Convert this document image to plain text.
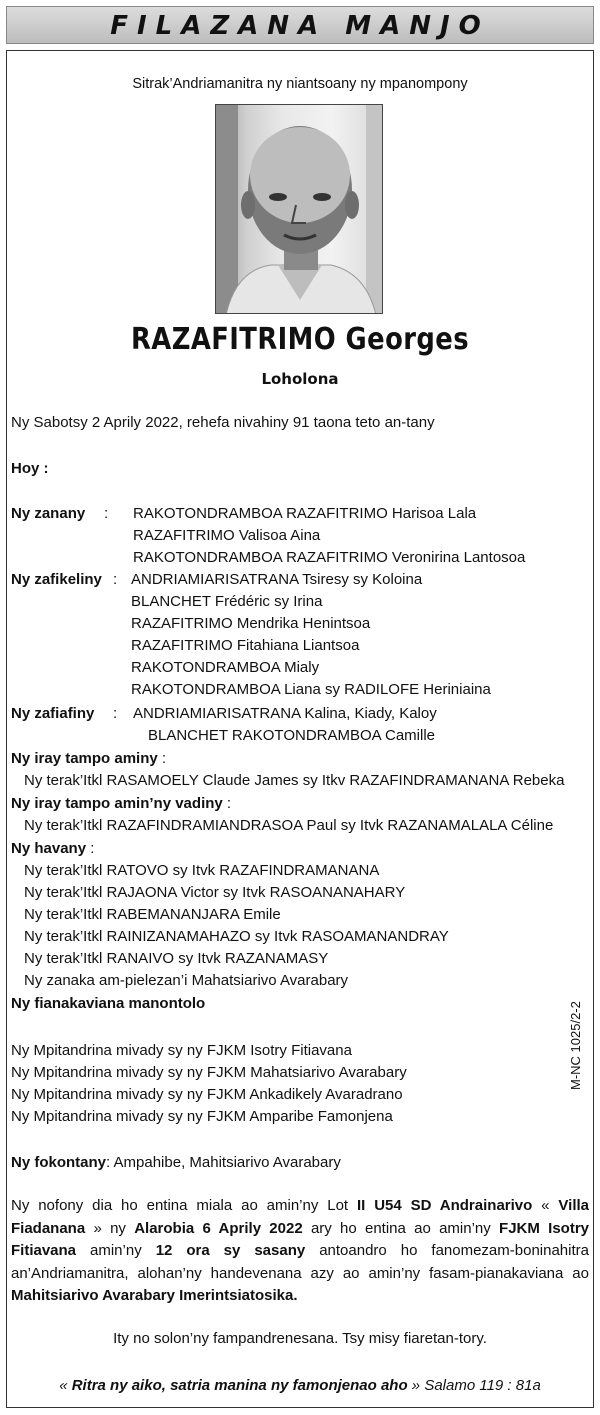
FILAZANA MANJO
Sitrak’Andriamanitra ny niantsoany ny mpanompony
RAZAFITRIMO Georges
Loholona
Ny Sabotsy 2 Aprily 2022, rehefa nivahiny 91 taona teto an-tany
Hoy :
Ny zanany : RAKOTONDRAMBOA RAZAFITRIMO Harisoa Lala
RAZAFITRIMO Valisoa Aina
RAKOTONDRAMBOA RAZAFITRIMO Veronirina Lantosoa
Ny zafikeliny : ANDRIAMIARISATRANA Tsiresy sy Koloina
BLANCHET Frédéric sy Irina
RAZAFITRIMO Mendrika Henintsoa
RAZAFITRIMO Fitahiana Liantsoa
RAKOTONDRAMBOA Mialy
RAKOTONDRAMBOA Liana sy RADILOFE Heriniaina
Ny zafiafiny : ANDRIAMIARISATRANA Kalina, Kiady, Kaloy
BLANCHET RAKOTONDRAMBOA Camille
Ny iray tampo aminy :
Ny terak’Itkl RASAMOELY Claude James sy Itkv RAZAFINDRAMANANA Rebeka
Ny iray tampo amin’ny vadiny :
Ny terak’Itkl RAZAFINDRAMIANDRASOA Paul sy Itvk RAZANAMALALA Céline
Ny havany :
Ny terak’Itkl RATOVO sy Itvk RAZAFINDRAMANANA
Ny terak’Itkl RAJAONA Victor sy Itvk RASOANANAHARY
Ny terak’Itkl RABEMANANJARA Emile
Ny terak’Itkl RAINIZANAMAHAZO sy Itvk RASOAMANANDRAY
Ny terak’Itkl RANAIVO sy Itvk RAZANAMASY
Ny zanaka am-pielezan’i Mahatsiarivo Avarabary
Ny fianakaviana manontolo
Ny Mpitandrina mivady sy ny FJKM Isotry Fitiavana
Ny Mpitandrina mivady sy ny FJKM Mahatsiarivo Avarabary
Ny Mpitandrina mivady sy ny FJKM Ankadikely Avaradrano
Ny Mpitandrina mivady sy ny FJKM Amparibe Famonjena
M-NC 1025/2-2
Ny fokontany: Ampahibe, Mahitsiarivo Avarabary
Ny nofony dia ho entina miala ao amin’ny Lot II U54 SD Andrainarivo « Villa Fiadanana » ny Alarobia 6 Aprily 2022 ary ho entina ao amin’ny FJKM Isotry Fitiavana amin’ny 12 ora sy sasany antoandro ho fanomezam-boninahitra an’Andriamanitra, alohan’ny handevenana azy ao amin’ny fasam-pianakaviana ao Mahitsiarivo Avarabary Imerintsiatosika.
Ity no solon’ny fampandrenesana. Tsy misy fiaretan-tory.
« Ritra ny aiko, satria manina ny famonjenao aho » Salamo 119 : 81a
